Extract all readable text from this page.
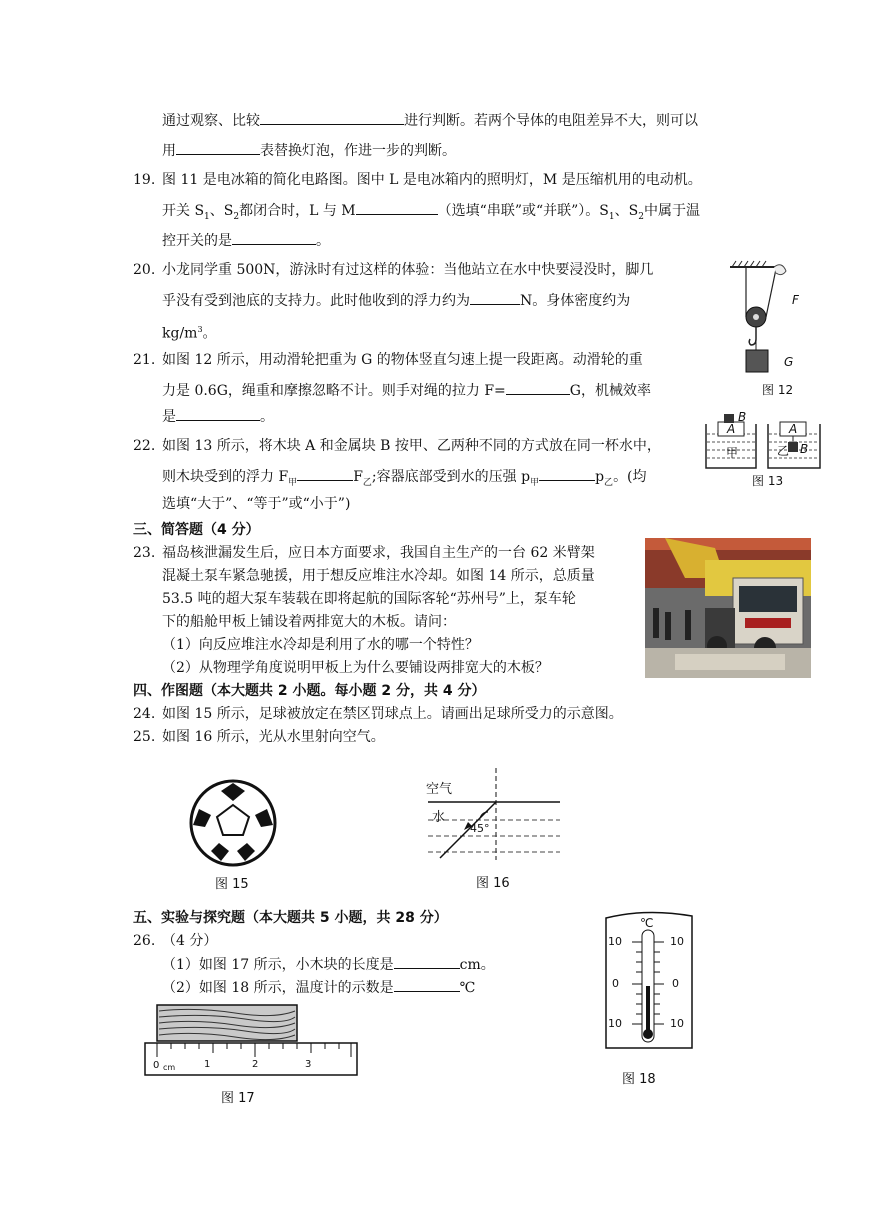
通过观察、比较	进行判断。若两个导体的电阻差异不大，则可以
用	表替换灯泡，作进一步的判断。
19. 图 11 是电冰箱的简化电路图。图中 L 是电冰箱内的照明灯，M 是压缩机用的电动机。
开关 $S_1$、$S_2$都闭合时，L 与 M	（选填“串联”或“并联”）。$S_1$、$S_2$中属于温
控开关的是	。
20. 小龙同学重 500N，游泳时有过这样的体验：当他站立在水中快要浸没时，脚几
乎没有受到池底的支持力。此时他收到的浮力约为	N。身体密度约为
$kg/m^3$。
21. 如图 12 所示，用动滑轮把重为 G 的物体竖直匀速上提一段距离。动滑轮的重
力是 0.6G，绳重和摩擦忽略不计。则手对绳的拉力 F=	G，机械效率
是	。
22. 如图 13 所示，将木块 A 和金属块 B 按甲、乙两种不同的方式放在同一杯水中，
则木块受到的浮力 $F_甲$	$F_乙$;容器底部受到水的压强 $p_甲$	$p_乙$。(均
选填“大于”、“等于”或“小于”)
三、简答题（4 分）
23. 福岛核泄漏发生后，应日本方面要求，我国自主生产的一台 62 米臂架
混凝土泵车紧急驰援，用于想反应堆注水冷却。如图 14 所示，总质量
53.5 吨的超大泵车装载在即将起航的国际客轮“苏州号”上，泵车轮
下的船舱甲板上铺设着两排宽大的木板。请问：
（1）向反应堆注水冷却是利用了水的哪一个特性？
（2）从物理学角度说明甲板上为什么要铺设两排宽大的木板？
四、作图题（本大题共 2 小题。每小题 2 分，共 4 分）
24. 如图 15 所示，足球被放定在禁区罚球点上。请画出足球所受力的示意图。
25. 如图 16 所示，光从水里射向空气。
五、实验与探究题（本大题共 5 小题，共 28 分）
26. （4 分）
（1）如图 17 所示，小木块的长度是	cm。
（2）如图 18 所示，温度计的示数是	℃
F
G
图 12
B
A
甲
A
乙 B
图 13
图 15
空气
水
45°
图 16
0 cm	1	2	3
图 17
℃
10
0
10
10
0
10
图 18
